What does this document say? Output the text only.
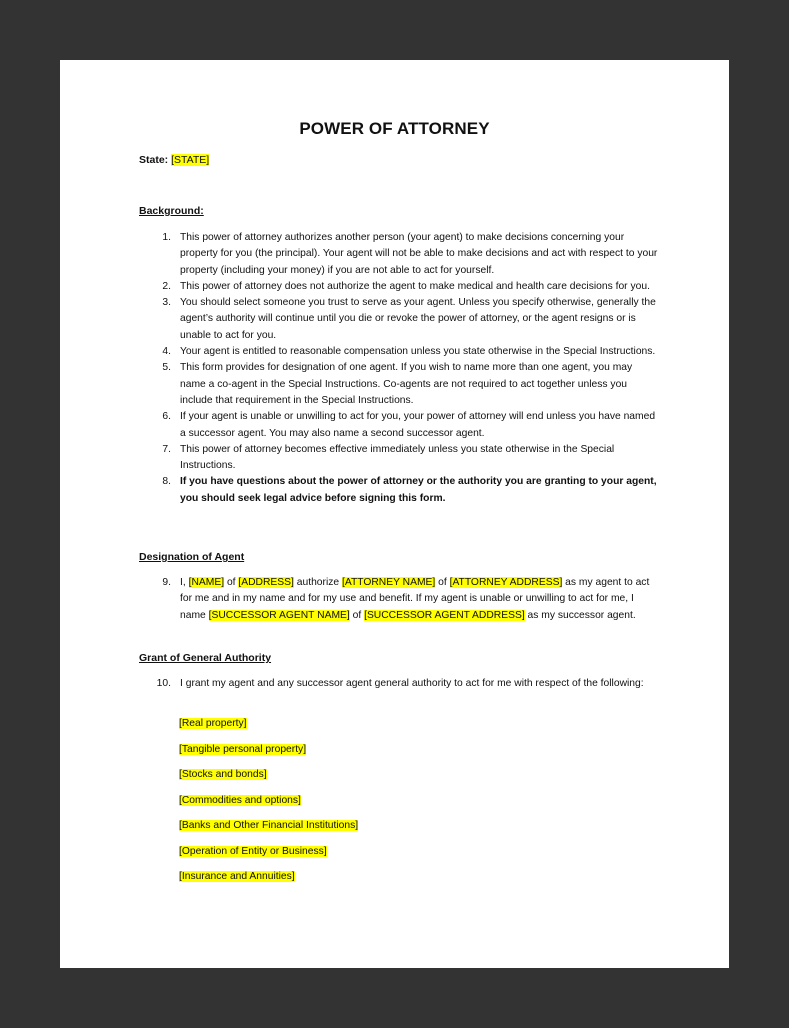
POWER OF ATTORNEY
State: [STATE]
Background:
1. This power of attorney authorizes another person (your agent) to make decisions concerning your property for you (the principal). Your agent will not be able to make decisions and act with respect to your property (including your money) if you are not able to act for yourself.
2. This power of attorney does not authorize the agent to make medical and health care decisions for you.
3. You should select someone you trust to serve as your agent. Unless you specify otherwise, generally the agent’s authority will continue until you die or revoke the power of attorney, or the agent resigns or is unable to act for you.
4. Your agent is entitled to reasonable compensation unless you state otherwise in the Special Instructions.
5. This form provides for designation of one agent. If you wish to name more than one agent, you may name a co-agent in the Special Instructions. Co-agents are not required to act together unless you include that requirement in the Special Instructions.
6. If your agent is unable or unwilling to act for you, your power of attorney will end unless you have named a successor agent. You may also name a second successor agent.
7. This power of attorney becomes effective immediately unless you state otherwise in the Special Instructions.
8. If you have questions about the power of attorney or the authority you are granting to your agent, you should seek legal advice before signing this form.
Designation of Agent
9. I, [NAME] of [ADDRESS] authorize [ATTORNEY NAME] of [ATTORNEY ADDRESS] as my agent to act for me and in my name and for my use and benefit. If my agent is unable or unwilling to act for me, I name [SUCCESSOR AGENT NAME] of [SUCCESSOR AGENT ADDRESS] as my successor agent.
Grant of General Authority
10. I grant my agent and any successor agent general authority to act for me with respect of the following:
[Real property]
[Tangible personal property]
[Stocks and bonds]
[Commodities and options]
[Banks and Other Financial Institutions]
[Operation of Entity or Business]
[Insurance and Annuities]
